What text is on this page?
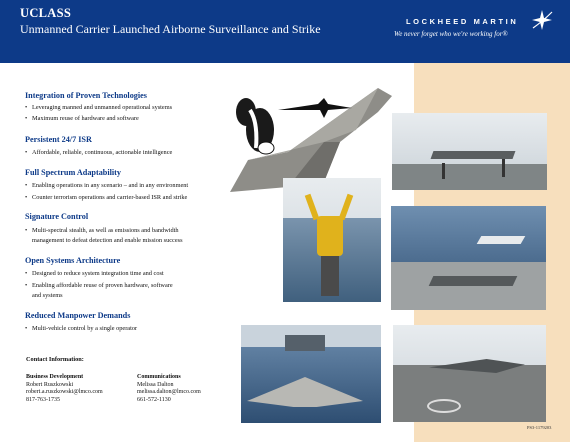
UCLASS
Unmanned Carrier Launched Airborne Surveillance and Strike
LOCKHEED MARTIN
We never forget who we're working for®
Integration of Proven Technologies
• Leveraging manned and unmanned operational systems
• Maximum reuse of hardware and software
Persistent 24/7 ISR
• Affordable, reliable, continuous, actionable intelligence
Full Spectrum Adaptability
• Enabling operations in any scenario – and in any environment
• Counter terrorism operations and carrier-based ISR and strike
Signature Control
• Multi-spectral stealth, as well as emissions and bandwidth
management to defeat detection and enable mission success
Open Systems Architecture
• Designed to reduce system integration time and cost
• Enabling affordable reuse of proven hardware, software
and systems
Reduced Manpower Demands
• Multi-vehicle control by a single operator
Contact Information:
Business Development
Robert Ruszkowski
robert.a.ruszkowski@lmco.com
817-763-1735
Communications
Melissa Dalton
melissa.dalton@lmco.com
661-572-1130
PS3-1179203
